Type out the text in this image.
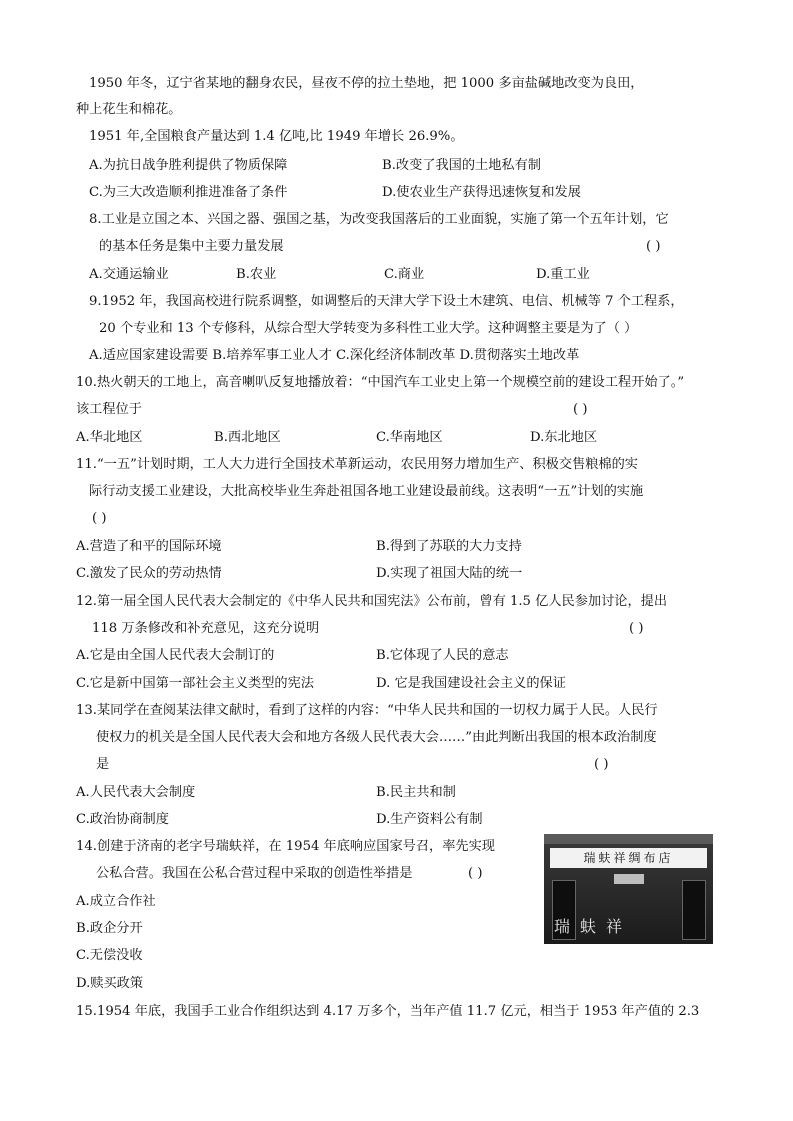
1950 年冬，辽宁省某地的翻身农民，昼夜不停的拉土垫地，把 1000 多亩盐碱地改变为良田，
种上花生和棉花。
1951 年,全国粮食产量达到 1.4 亿吨,比 1949 年增长 26.9%。
A.为抗日战争胜利提供了物质保障	B.改变了我国的土地私有制
C.为三大改造顺利推进准备了条件	D.使农业生产获得迅速恢复和发展
8.工业是立国之本、兴国之器、强国之基，为改变我国落后的工业面貌，实施了第一个五年计划，它
的基本任务是集中主要力量发展	( )
A.交通运输业	B.农业	C.商业	D.重工业
9.1952 年，我国高校进行院系调整，如调整后的天津大学下设土木建筑、电信、机械等 7 个工程系，
20 个专业和 13 个专修科，从综合型大学转变为多科性工业大学。这种调整主要是为了（ ）
A.适应国家建设需要 B.培养军事工业人才 C.深化经济体制改革 D.贯彻落实土地改革
10.热火朝天的工地上，高音喇叭反复地播放着：“中国汽车工业史上第一个规模空前的建设工程开始了。”
该工程位于	( )
A.华北地区	B.西北地区	C.华南地区	D.东北地区
11.“一五”计划时期，工人大力进行全国技术革新运动，农民用努力增加生产、积极交售粮棉的实
际行动支援工业建设，大批高校毕业生奔赴祖国各地工业建设最前线。这表明“一五”计划的实施
( )
A.营造了和平的国际环境	B.得到了苏联的大力支持
C.激发了民众的劳动热情	D.实现了祖国大陆的统一
12.第一届全国人民代表大会制定的《中华人民共和国宪法》公布前，曾有 1.5 亿人民参加讨论，提出
118 万条修改和补充意见，这充分说明	( )
A.它是由全国人民代表大会制订的	B.它体现了人民的意志
C.它是新中国第一部社会主义类型的宪法	D. 它是我国建设社会主义的保证
13.某同学在查阅某法律文献时，看到了这样的内容：“中华人民共和国的一切权力属于人民。人民行
使权力的机关是全国人民代表大会和地方各级人民代表大会……”由此判断出我国的根本政治制度
是	( )
A.人民代表大会制度	B.民主共和制
C.政治协商制度	D.生产资料公有制
14.创建于济南的老字号瑞蚨祥，在 1954 年底响应国家号召，率先实现
公私合营。我国在公私合营过程中采取的创造性举措是	( )
A.成立合作社
B.政企分开
C.无偿没收
D.赎买政策
瑞蚨祥绸布店
瑞蚨祥
15.1954 年底，我国手工业合作组织达到 4.17 万多个，当年产值 11.7 亿元，相当于 1953 年产值的 2.3
